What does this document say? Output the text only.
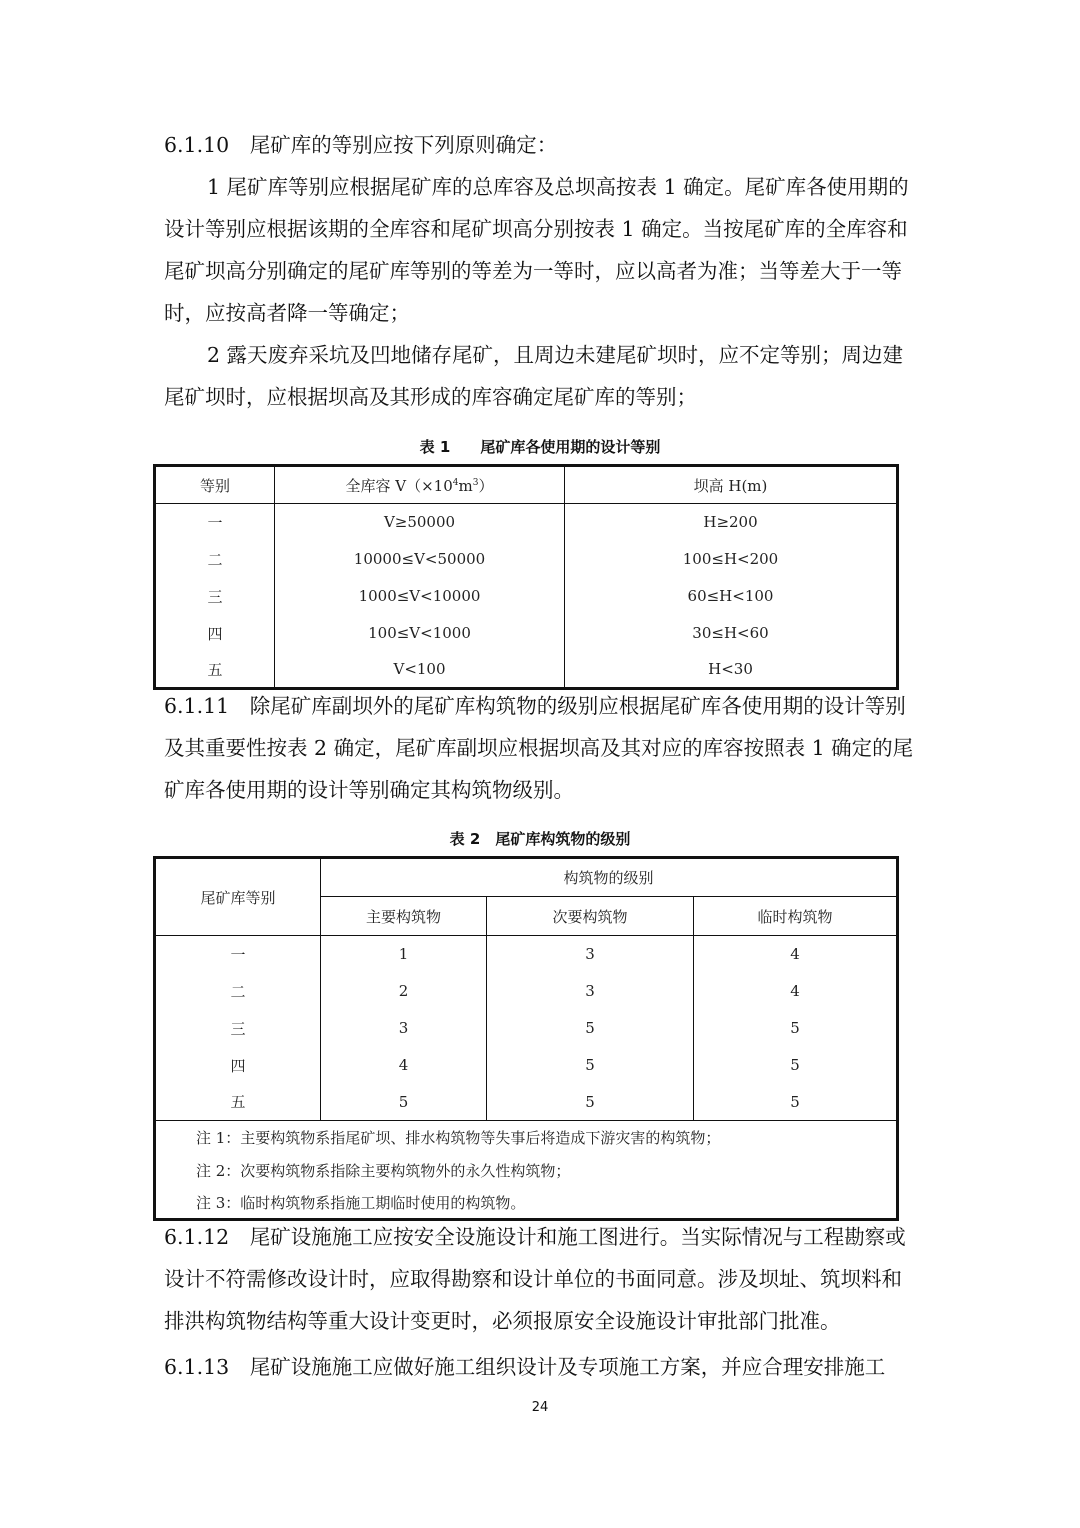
6.1.10　尾矿库的等别应按下列原则确定：

1 尾矿库等别应根据尾矿库的总库容及总坝高按表 1 确定。尾矿库各使用期的设计等别应根据该期的全库容和尾矿坝高分别按表 1 确定。当按尾矿库的全库容和尾矿坝高分别确定的尾矿库等别的等差为一等时，应以高者为准；当等差大于一等时，应按高者降一等确定；

2 露天废弃采坑及凹地储存尾矿，且周边未建尾矿坝时，应不定等别；周边建尾矿坝时，应根据坝高及其形成的库容确定尾矿库的等别；

表 1　　尾矿库各使用期的设计等别
等别	全库容 $V(\times 10^4m^3)$	坝高 H(m)
一	V≥50000	H≥200
二	10000≤V<50000	100≤H<200
三	1000≤V<10000	60≤H<100
四	100≤V<1000	30≤H<60
五	V<100	H<30

6.1.11　除尾矿库副坝外的尾矿库构筑物的级别应根据尾矿库各使用期的设计等别及其重要性按表 2 确定，尾矿库副坝应根据坝高及其对应的库容按照表 1 确定的尾矿库各使用期的设计等别确定其构筑物级别。

表 2　尾矿库构筑物的级别
尾矿库等别	构筑物的级别		
	主要构筑物	次要构筑物	临时构筑物
一	1	3	4
二	2	3	4
三	3	5	5
四	4	5	5
五	5	5	5
注 1：主要构筑物系指尾矿坝、排水构筑物等失事后将造成下游灾害的构筑物；			
注 2：次要构筑物系指除主要构筑物外的永久性构筑物；			
注 3：临时构筑物系指施工期临时使用的构筑物。			

6.1.12　尾矿设施施工应按安全设施设计和施工图进行。当实际情况与工程勘察或设计不符需修改设计时，应取得勘察和设计单位的书面同意。涉及坝址、筑坝料和排洪构筑物结构等重大设计变更时，必须报原安全设施设计审批部门批准。

6.1.13　尾矿设施施工应做好施工组织设计及专项施工方案，并应合理安排施工

24
